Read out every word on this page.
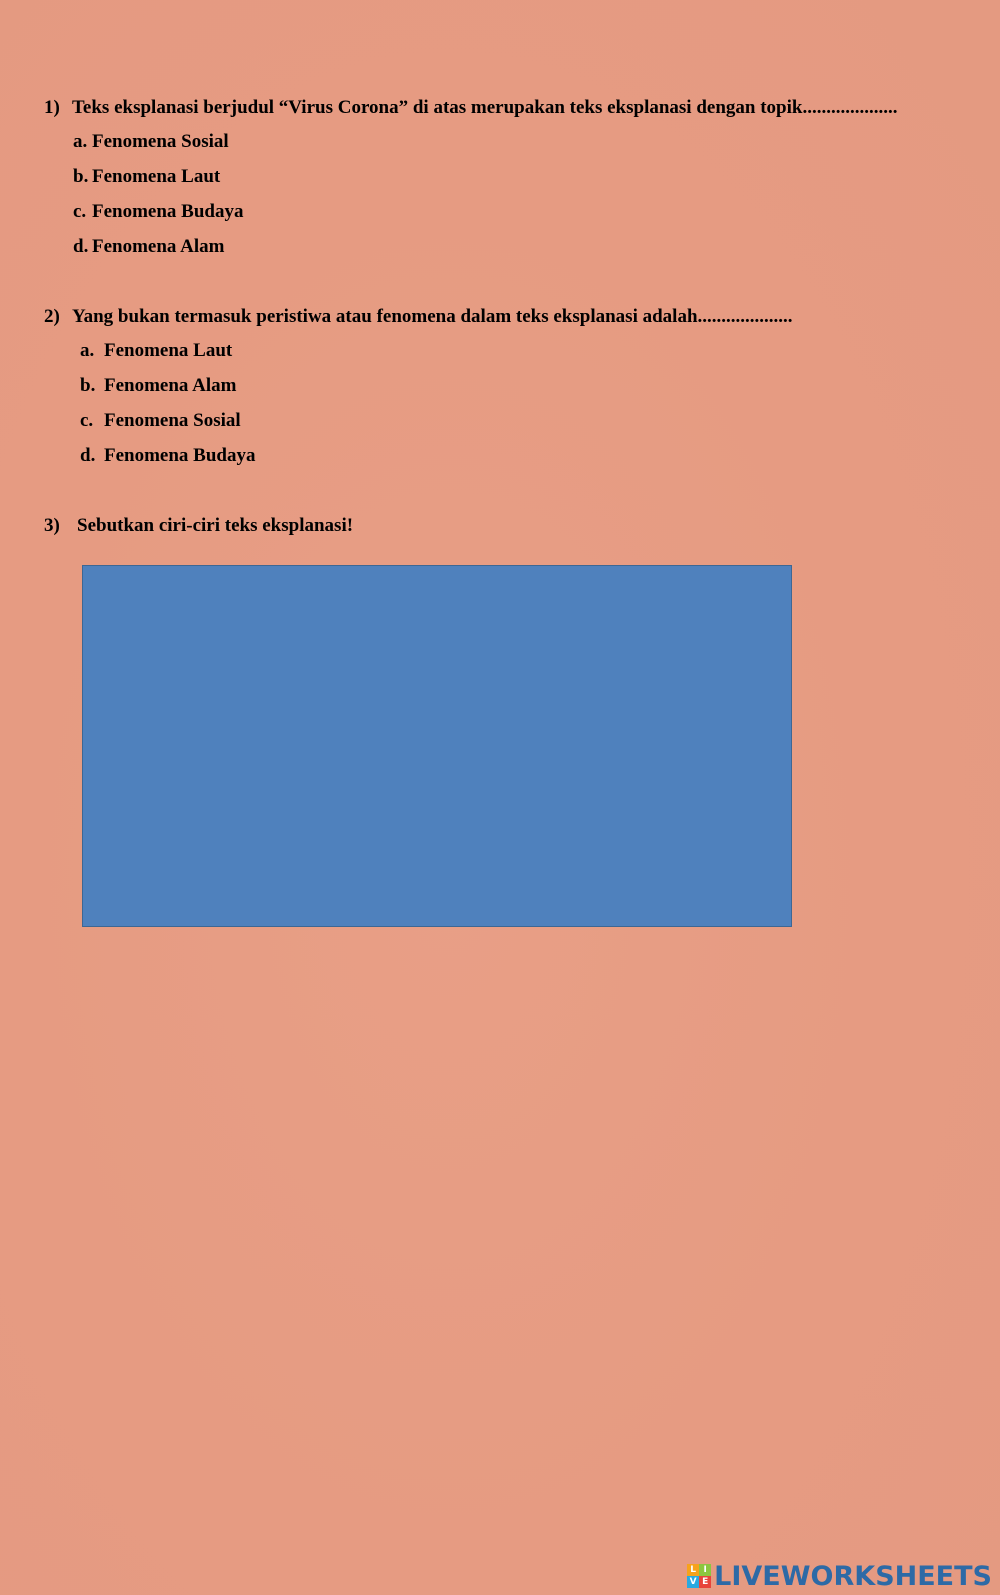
1) Teks eksplanasi berjudul “Virus Corona” di atas merupakan teks eksplanasi dengan topik....................
a. Fenomena Sosial
b. Fenomena Laut
c. Fenomena Budaya
d. Fenomena Alam
2) Yang bukan termasuk peristiwa atau fenomena dalam teks eksplanasi adalah....................
a. Fenomena Laut
b. Fenomena Alam
c. Fenomena Sosial
d. Fenomena Budaya
3) Sebutkan ciri-ciri teks eksplanasi!
L I
V E LIVEWORKSHEETS
